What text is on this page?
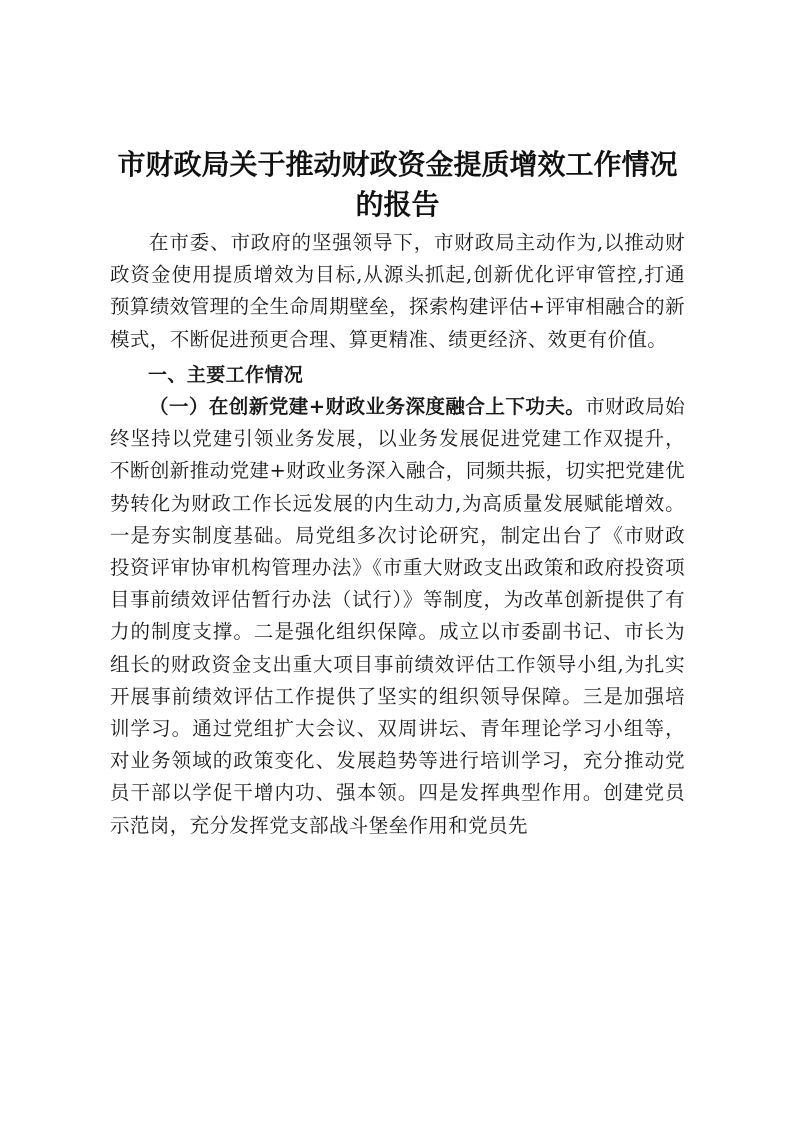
市财政局关于推动财政资金提质增效工作情况
的报告

在市委、市政府的坚强领导下，市财政局主动作为,以推动财政资金使用提质增效为目标,从源头抓起,创新优化评审管控,打通预算绩效管理的全生命周期壁垒，探索构建评估+评审相融合的新模式，不断促进预更合理、算更精准、绩更经济、效更有价值。

一、主要工作情况

（一）在创新党建+财政业务深度融合上下功夫。市财政局始终坚持以党建引领业务发展，以业务发展促进党建工作双提升，不断创新推动党建+财政业务深入融合，同频共振，切实把党建优势转化为财政工作长远发展的内生动力,为高质量发展赋能增效。一是夯实制度基础。局党组多次讨论研究，制定出台了《市财政投资评审协审机构管理办法》《市重大财政支出政策和政府投资项目事前绩效评估暂行办法（试行）》等制度，为改革创新提供了有力的制度支撑。二是强化组织保障。成立以市委副书记、市长为组长的财政资金支出重大项目事前绩效评估工作领导小组,为扎实开展事前绩效评估工作提供了坚实的组织领导保障。三是加强培训学习。通过党组扩大会议、双周讲坛、青年理论学习小组等，对业务领域的政策变化、发展趋势等进行培训学习，充分推动党员干部以学促干增内功、强本领。四是发挥典型作用。创建党员示范岗，充分发挥党支部战斗堡垒作用和党员先
